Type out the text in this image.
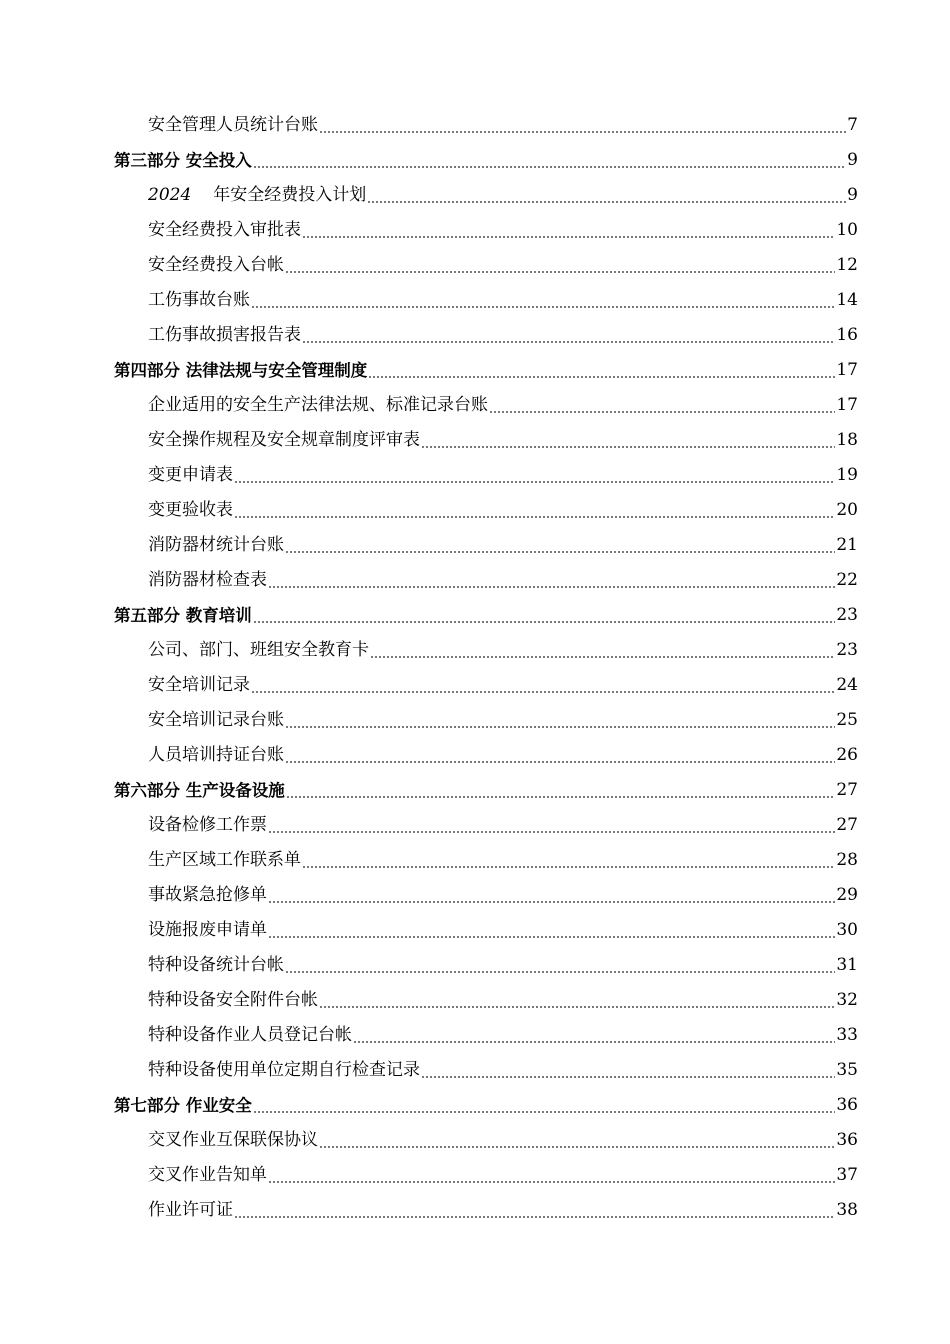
安全管理人员统计台账	7
第三部分 安全投入	9
2024 年安全经费投入计划	9
安全经费投入审批表	10
安全经费投入台帐	12
工伤事故台账	14
工伤事故损害报告表	16
第四部分 法律法规与安全管理制度	17
企业适用的安全生产法律法规、标准记录台账	17
安全操作规程及安全规章制度评审表	18
变更申请表	19
变更验收表	20
消防器材统计台账	21
消防器材检查表	22
第五部分 教育培训	23
公司、部门、班组安全教育卡	23
安全培训记录	24
安全培训记录台账	25
人员培训持证台账	26
第六部分 生产设备设施	27
设备检修工作票	27
生产区域工作联系单	28
事故紧急抢修单	29
设施报废申请单	30
特种设备统计台帐	31
特种设备安全附件台帐	32
特种设备作业人员登记台帐	33
特种设备使用单位定期自行检查记录	35
第七部分 作业安全	36
交叉作业互保联保协议	36
交叉作业告知单	37
作业许可证	38
